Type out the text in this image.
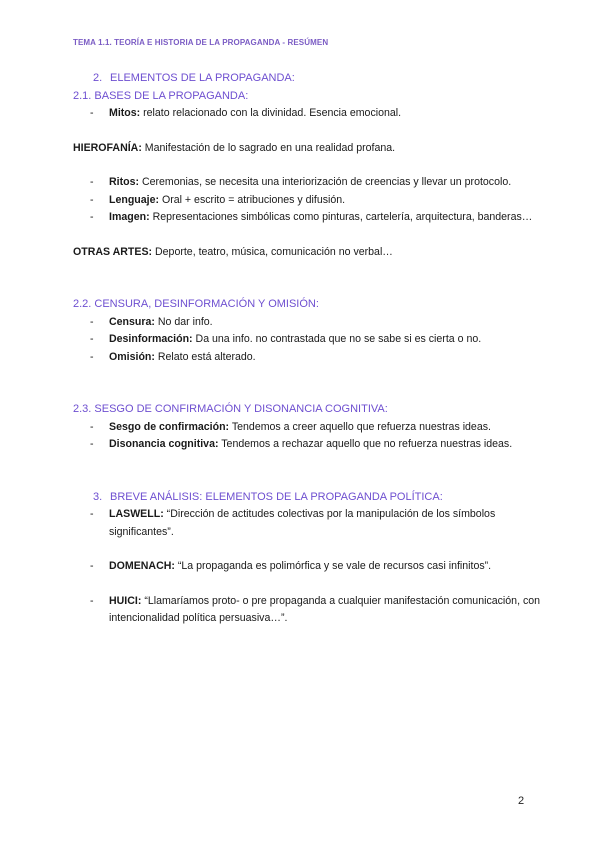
TEMA 1.1. TEORÍA E HISTORIA DE LA PROPAGANDA - RESÚMEN

2. ELEMENTOS DE LA PROPAGANDA:

2.1. BASES DE LA PROPAGANDA:

- Mitos: relato relacionado con la divinidad. Esencia emocional.

HIEROFANÍA: Manifestación de lo sagrado en una realidad profana.

- Ritos: Ceremonias, se necesita una interiorización de creencias y llevar un protocolo.

- Lenguaje: Oral + escrito = atribuciones y difusión.

- Imagen: Representaciones simbólicas como pinturas, cartelería, arquitectura, banderas…

OTRAS ARTES: Deporte, teatro, música, comunicación no verbal…

2.2. CENSURA, DESINFORMACIÓN Y OMISIÓN:

- Censura: No dar info.

- Desinformación: Da una info. no contrastada que no se sabe si es cierta o no.

- Omisión: Relato está alterado.

2.3. SESGO DE CONFIRMACIÓN Y DISONANCIA COGNITIVA:

- Sesgo de confirmación: Tendemos a creer aquello que refuerza nuestras ideas.

- Disonancia cognitiva: Tendemos a rechazar aquello que no refuerza nuestras ideas.

3. BREVE ANÁLISIS: ELEMENTOS DE LA PROPAGANDA POLÍTICA:

- LASWELL: “Dirección de actitudes colectivas por la manipulación de los símbolos significantes”.

- DOMENACH: “La propaganda es polimórfica y se vale de recursos casi infinitos”.

- HUICI: “Llamaríamos proto- o pre propaganda a cualquier manifestación comunicación, con intencionalidad política persuasiva…”.

2
